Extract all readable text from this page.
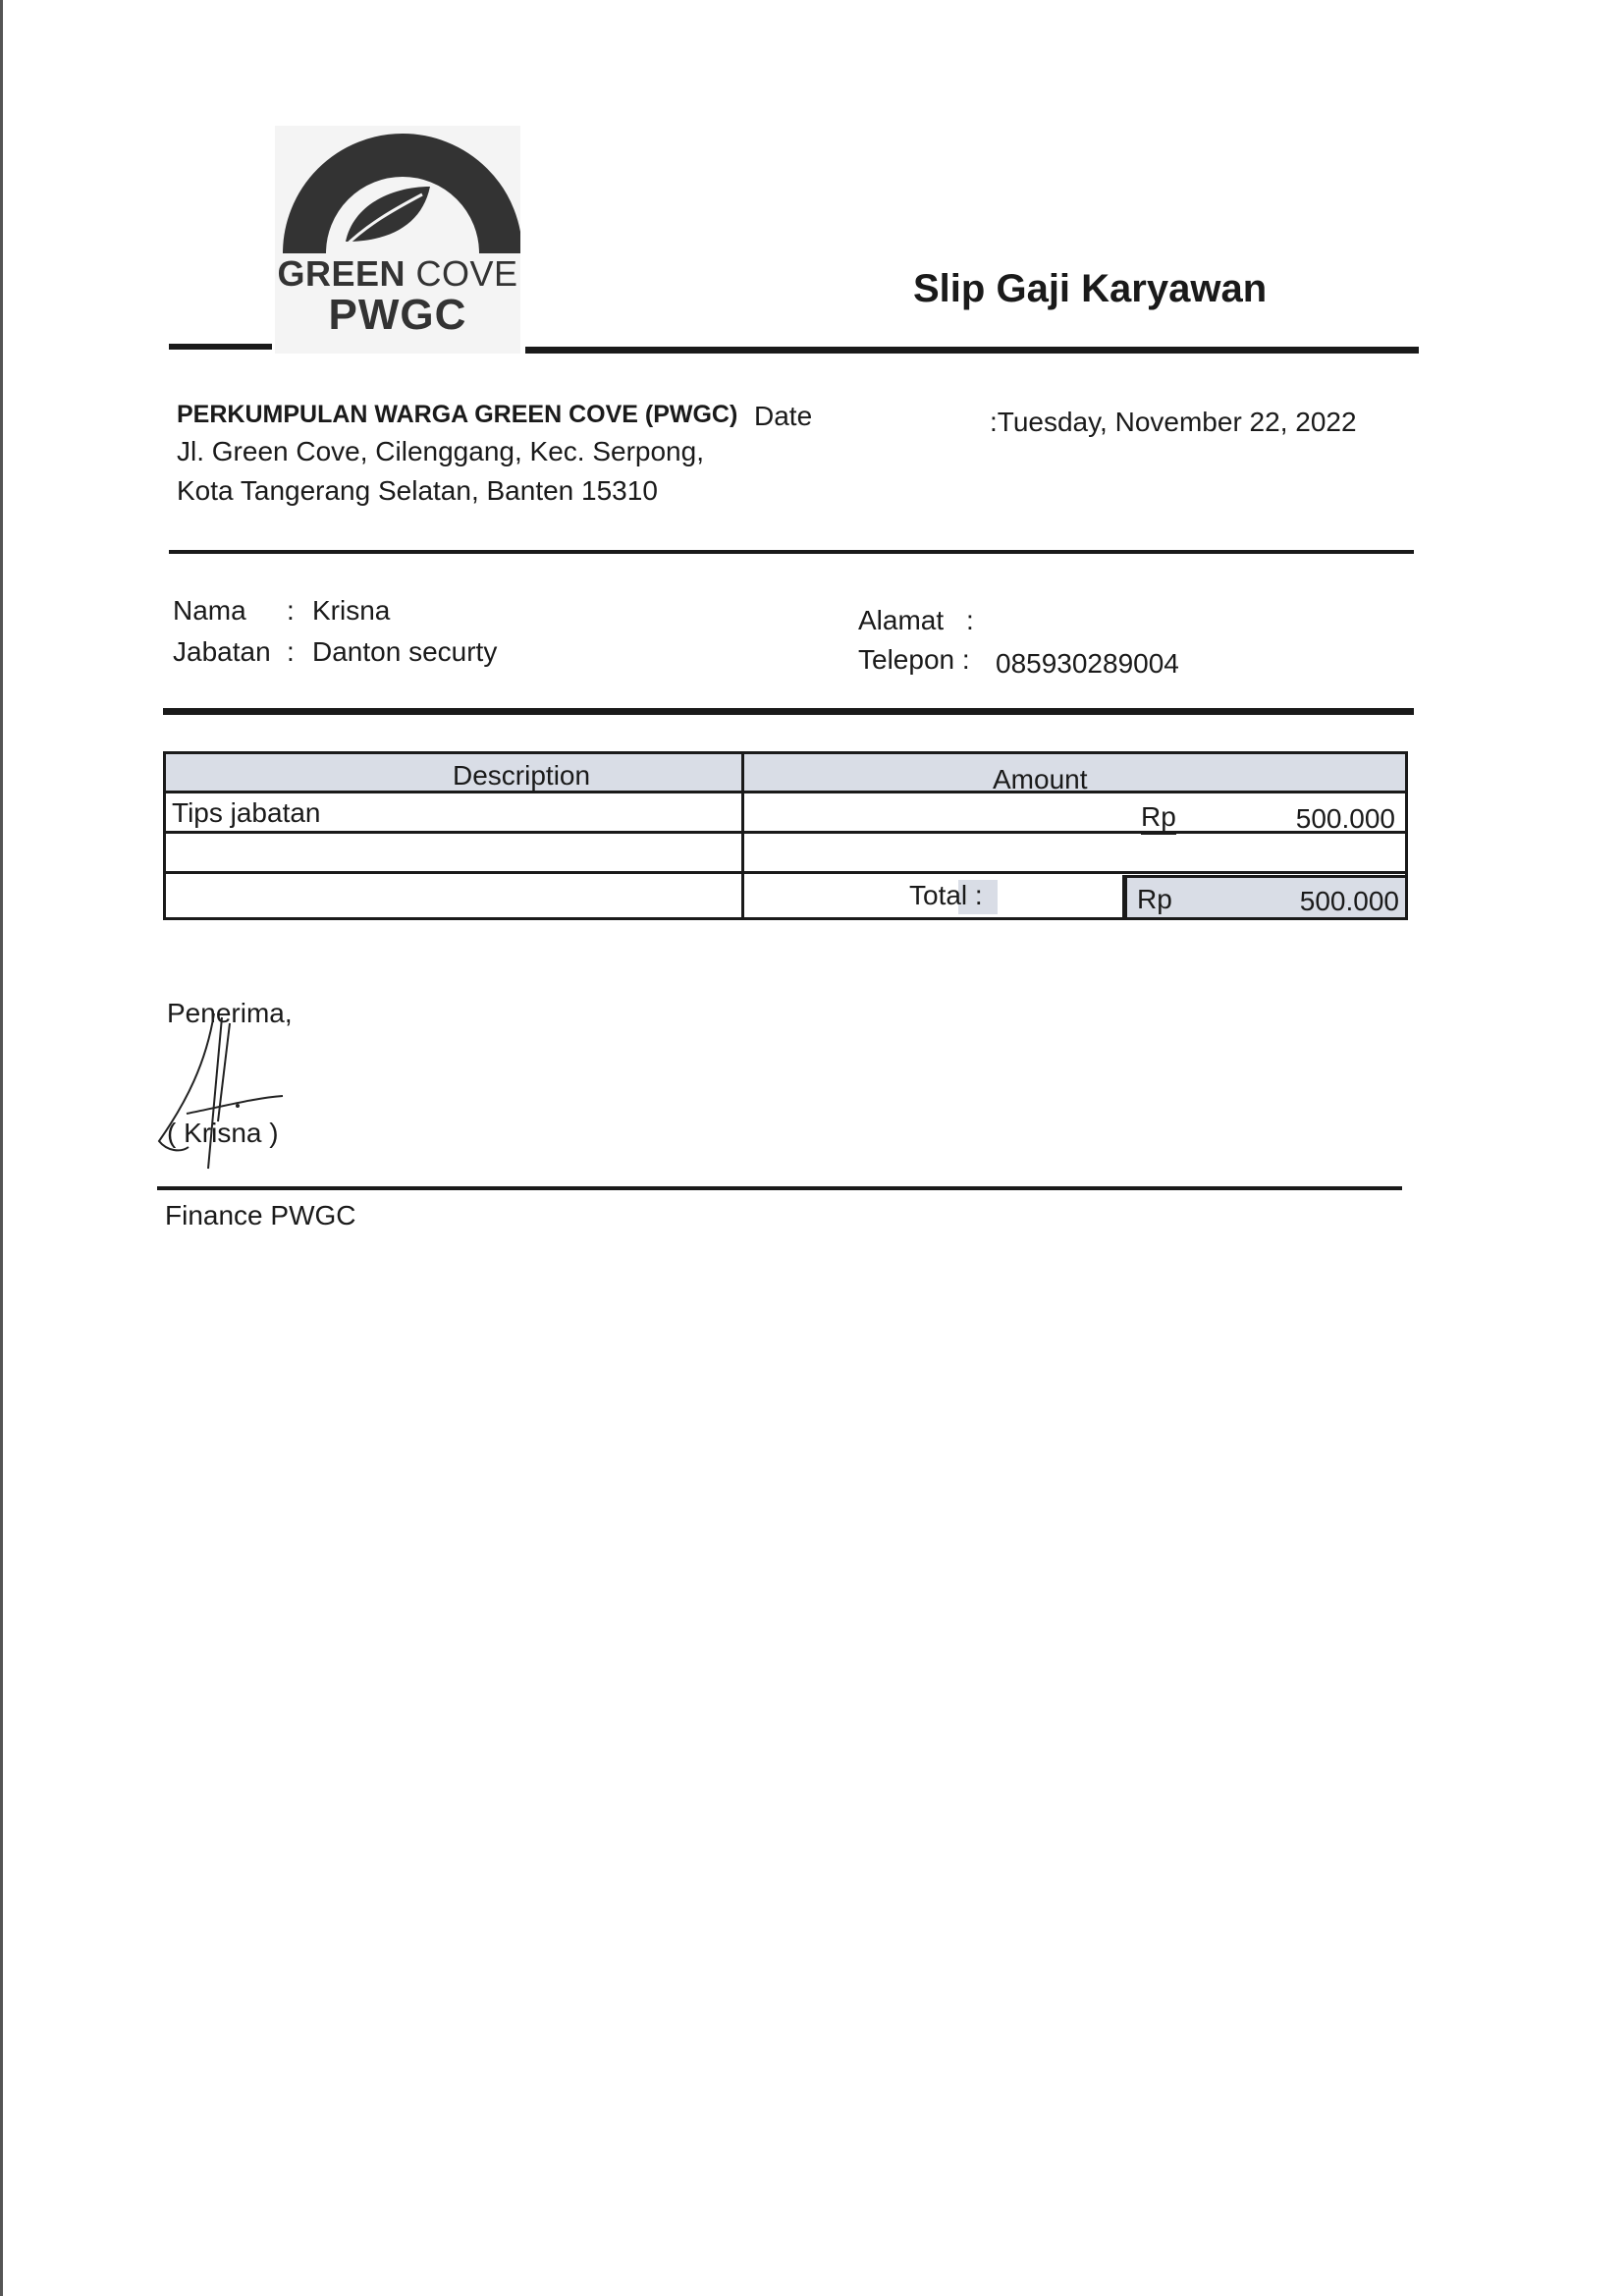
GREEN COVE
PWGC
Slip Gaji Karyawan
PERKUMPULAN WARGA GREEN COVE (PWGC)
Jl. Green Cove, Cilenggang, Kec. Serpong,
Kota Tangerang Selatan, Banten 15310
Date	:Tuesday, November 22, 2022
Nama : Krisna
Jabatan : Danton securty
Alamat :
Telepon : 085930289004
Description	Amount
Tips jabatan	Rp	500.000
Total :	Rp	500.000
Penerima,
( Krisna )
Finance PWGC
